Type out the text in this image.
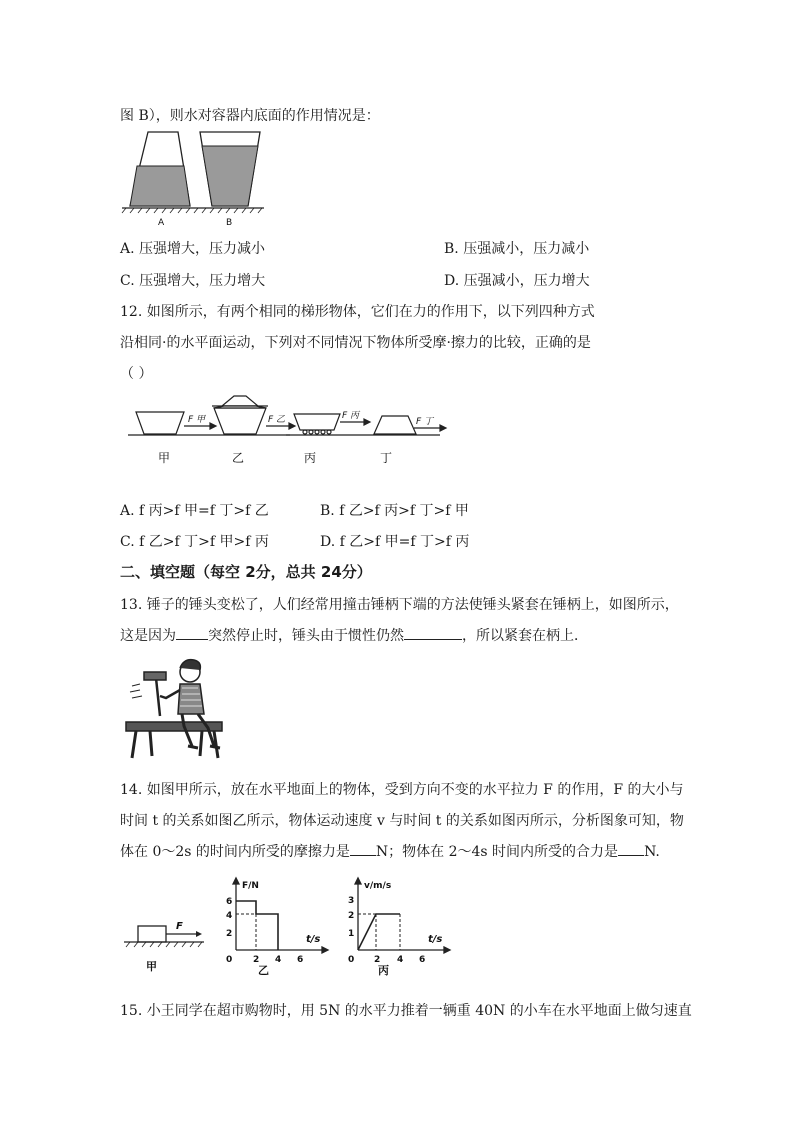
图 B），则水对容器内底面的作用情况是：
A	B
A. 压强增大，压力减小	B. 压强减小，压力减小
C. 压强增大，压力增大	D. 压强减小，压力增大
12. 如图所示，有两个相同的梯形物体，它们在力的作用下，以下列四种方式
沿相同·的水平面运动，下列对不同情况下物体所受摩·擦力的比较，正确的是
（ ）
F 甲	F 乙	F 丙
F 丁
甲	乙	丙	丁
A. f 丙>f 甲=f 丁>f 乙	B. f 乙>f 丙>f 丁>f 甲
C. f 乙>f 丁>f 甲>f 丙	D. f 乙>f 甲=f 丁>f 丙
二、填空题（每空 2分，总共 24分）
13. 锤子的锤头变松了，人们经常用撞击锤柄下端的方法使锤头紧套在锤柄上，如图所示，
这是因为 突然停止时，锤头由于惯性仍然	，所以紧套在柄上．
14. 如图甲所示，放在水平地面上的物体，受到方向不变的水平拉力 F 的作用，F 的大小与
时间 t 的关系如图乙所示，物体运动速度 v 与时间 t 的关系如图丙所示，分析图象可知，物
体在 0～2s 的时间内所受的摩擦力是 N；物体在 2～4s 时间内所受的合力是 N.
F
甲
F/N
6
4
2
0 2 4 6
t/s
乙
v/m/s
3
2
1
0 2 4 6
t/s
丙
15. 小王同学在超市购物时，用 5N 的水平力推着一辆重 40N 的小车在水平地面上做匀速直
